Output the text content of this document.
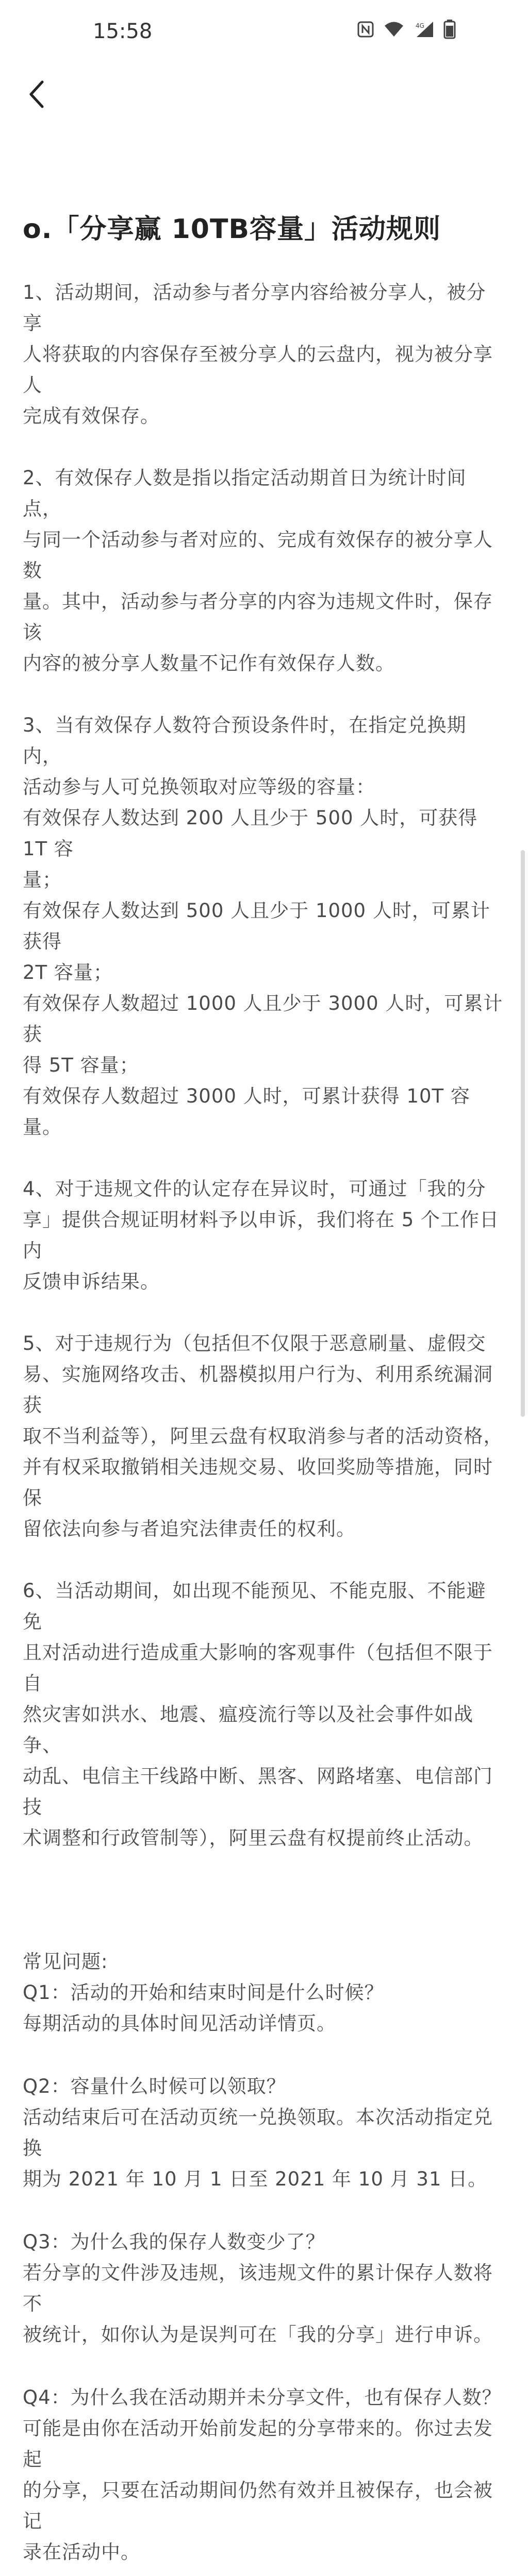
15:58	4G
o.「分享赢 10TB容量」活动规则
1、活动期间，活动参与者分享内容给被分享人，被分享
人将获取的内容保存至被分享人的云盘内，视为被分享人
完成有效保存。
2、有效保存人数是指以指定活动期首日为统计时间点，
与同一个活动参与者对应的、完成有效保存的被分享人数
量。其中，活动参与者分享的内容为违规文件时，保存该
内容的被分享人数量不记作有效保存人数。
3、当有效保存人数符合预设条件时，在指定兑换期内，
活动参与人可兑换领取对应等级的容量：
有效保存人数达到 200 人且少于 500 人时，可获得 1T 容
量；
有效保存人数达到 500 人且少于 1000 人时，可累计获得
2T 容量；
有效保存人数超过 1000 人且少于 3000 人时，可累计获
得 5T 容量；
有效保存人数超过 3000 人时，可累计获得 10T 容量。
4、对于违规文件的认定存在异议时，可通过「我的分
享」提供合规证明材料予以申诉，我们将在 5 个工作日内
反馈申诉结果。
5、对于违规行为（包括但不仅限于恶意刷量、虚假交
易、实施网络攻击、机器模拟用户行为、利用系统漏洞获
取不当利益等），阿里云盘有权取消参与者的活动资格，
并有权采取撤销相关违规交易、收回奖励等措施，同时保
留依法向参与者追究法律责任的权利。
6、当活动期间，如出现不能预见、不能克服、不能避免
且对活动进行造成重大影响的客观事件（包括但不限于自
然灾害如洪水、地震、瘟疫流行等以及社会事件如战争、
动乱、电信主干线路中断、黑客、网路堵塞、电信部门技
术调整和行政管制等），阿里云盘有权提前终止活动。
常见问题:
Q1：活动的开始和结束时间是什么时候？
每期活动的具体时间见活动详情页。
Q2：容量什么时候可以领取？
活动结束后可在活动页统一兑换领取。本次活动指定兑换
期为 2021 年 10 月 1 日至 2021 年 10 月 31 日。
Q3：为什么我的保存人数变少了？
若分享的文件涉及违规，该违规文件的累计保存人数将不
被统计，如你认为是误判可在「我的分享」进行申诉。
Q4：为什么我在活动期并未分享文件，也有保存人数？
可能是由你在活动开始前发起的分享带来的。你过去发起
的分享，只要在活动期间仍然有效并且被保存，也会被记
录在活动中。
